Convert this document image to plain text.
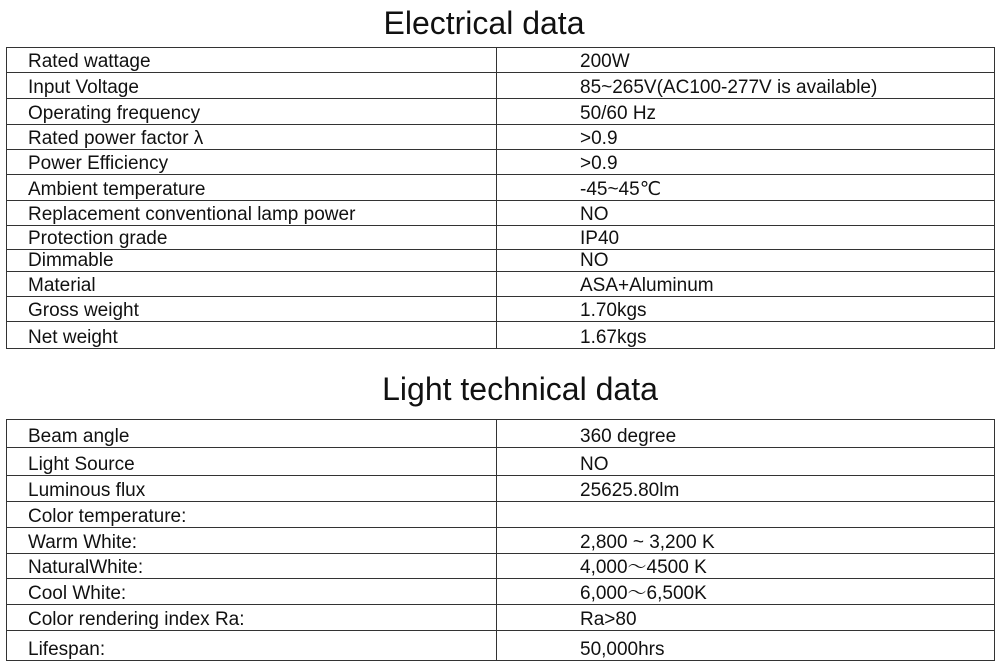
Electrical data
Rated wattage	200W
Input Voltage	85~265V(AC100-277V is available)
Operating frequency	50/60 Hz
Rated power factor λ	>0.9
Power Efficiency	>0.9
Ambient temperature	-45~45℃
Replacement conventional lamp power	NO
Protection grade	IP40
Dimmable	NO
Material	ASA+Aluminum
Gross weight	1.70kgs
Net weight	1.67kgs
Light technical data
Beam angle	360 degree
Light Source	NO
Luminous flux	25625.80lm
Color temperature:	
Warm White:	2,800 ~ 3,200 K
NaturalWhite:	4,000～4500 K
Cool White:	6,000～6,500K
Color rendering index Ra:	Ra>80
Lifespan:	50,000hrs
